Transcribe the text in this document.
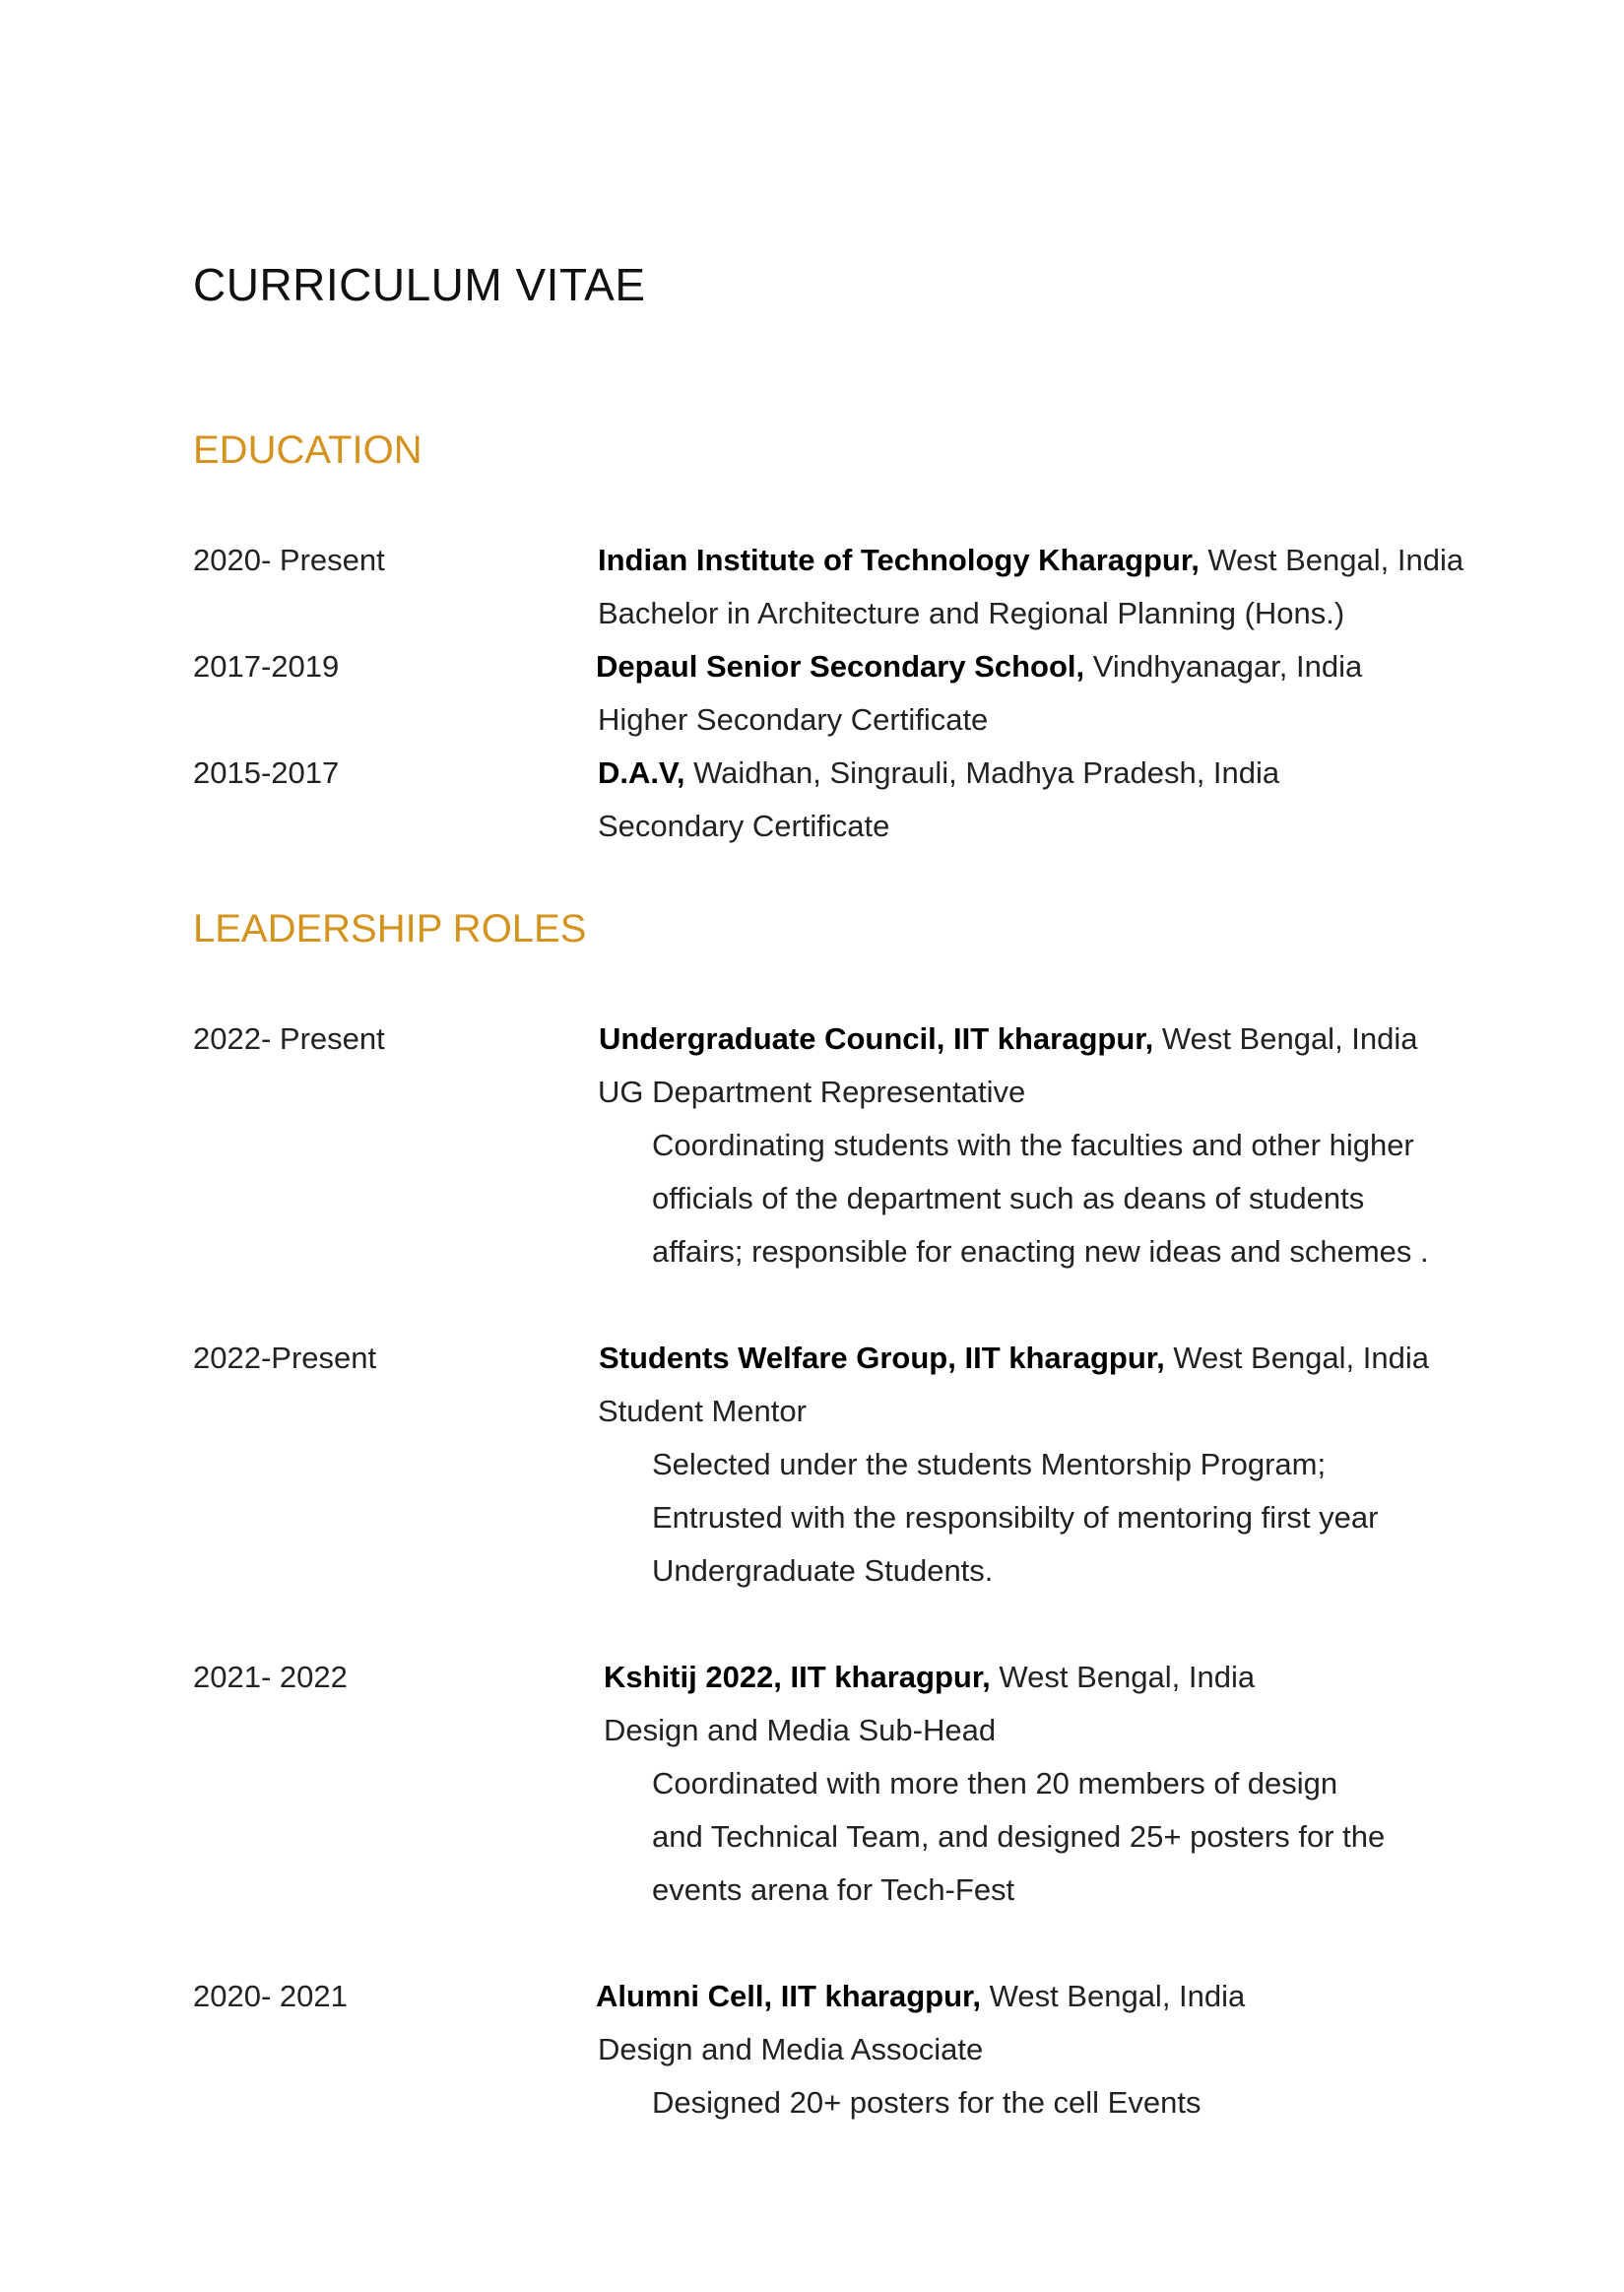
CURRICULUM VITAE
EDUCATION
2020- Present	Indian Institute of Technology Kharagpur, West Bengal, India
Bachelor in Architecture and Regional Planning (Hons.)
2017-2019	Depaul Senior Secondary School, Vindhyanagar, India
Higher Secondary Certificate
2015-2017	D.A.V, Waidhan, Singrauli, Madhya Pradesh, India
Secondary Certificate
LEADERSHIP ROLES
2022- Present	Undergraduate Council, IIT kharagpur, West Bengal, India
UG Department Representative
Coordinating students with the faculties and other higher
officials of the department such as deans of students
affairs; responsible for enacting new ideas and schemes .
2022-Present	Students Welfare Group, IIT kharagpur, West Bengal, India
Student Mentor
Selected under the students Mentorship Program;
Entrusted with the responsibilty of mentoring first year
Undergraduate Students.
2021- 2022	Kshitij 2022, IIT kharagpur, West Bengal, India
Design and Media Sub-Head
Coordinated with more then 20 members of design
and Technical Team, and designed 25+ posters for the
events arena for Tech-Fest
2020- 2021	Alumni Cell, IIT kharagpur, West Bengal, India
Design and Media Associate
Designed 20+ posters for the cell Events
